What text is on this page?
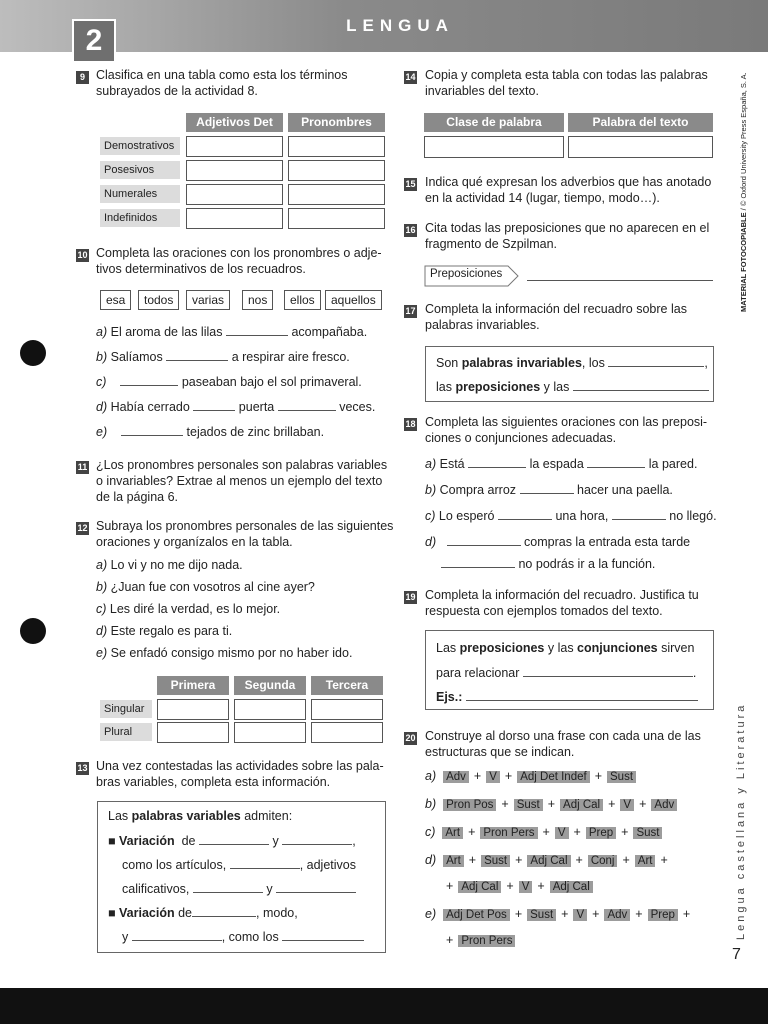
2	LENGUA
9 Clasifica en una tabla como esta los términos
subrayados de la actividad 8.
Adjetivos Det	Pronombres
Demostrativos
Posesivos
Numerales
Indefinidos
10 Completa las oraciones con los pronombres o adje-
tivos determinativos de los recuadros.
esa	todos	varias	nos	ellos	aquellos
a) El aroma de las lilas	acompañaba.
b) Salíamos	a respirar aire fresco.
c)	paseaban bajo el sol primaveral.
d) Había cerrado	puerta	veces.
e)	tejados de zinc brillaban.
11 ¿Los pronombres personales son palabras variables
o invariables? Extrae al menos un ejemplo del texto
de la página 6.
12 Subraya los pronombres personales de las siguientes
oraciones y organízalos en la tabla.
a) Lo vi y no me dijo nada.
b) ¿Juan fue con vosotros al cine ayer?
c) Les diré la verdad, es lo mejor.
d) Este regalo es para ti.
e) Se enfadó consigo mismo por no haber ido.
Primera	Segunda	Tercera
Singular
Plural
13 Una vez contestadas las actividades sobre las pala-
bras variables, completa esta información.
Las palabras variables admiten:
■ Variación de	y	,
como los artículos,	, adjetivos
calificativos,	y
■ Variación de	, modo,
y	, como los
14 Copia y completa esta tabla con todas las palabras
invariables del texto.
Clase de palabra	Palabra del texto
15 Indica qué expresan los adverbios que has anotado
en la actividad 14 (lugar, tiempo, modo…).
16 Cita todas las preposiciones que no aparecen en el
fragmento de Szpilman.
Preposiciones
17 Completa la información del recuadro sobre las
palabras invariables.
Son palabras invariables, los	,
las preposiciones y las
18 Completa las siguientes oraciones con las preposi-
ciones o conjunciones adecuadas.
a) Está	la espada	la pared.
b) Compra arroz	hacer una paella.
c) Lo esperó	una hora,	no llegó.
d)	compras la entrada esta tarde
no podrás ir a la función.
19 Completa la información del recuadro. Justifica tu
respuesta con ejemplos tomados del texto.
Las preposiciones y las conjunciones sirven
para relacionar	.
Ejs.:
20 Construye al dorso una frase con cada una de las
estructuras que se indican.
a) Adv + V + Adj Det Indef + Sust
b) Pron Pos + Sust + Adj Cal + V + Adv
c) Art + Pron Pers + V + Prep + Sust
d) Art + Sust + Adj Cal + Conj + Art +
+ Adj Cal + V + Adj Cal
e) Adj Det Pos + Sust + V + Adv + Prep +
+ Pron Pers
MATERIAL FOTOCOPIABLE / © Oxford University Press España, S. A.
Lengua castellana y Literatura
7
